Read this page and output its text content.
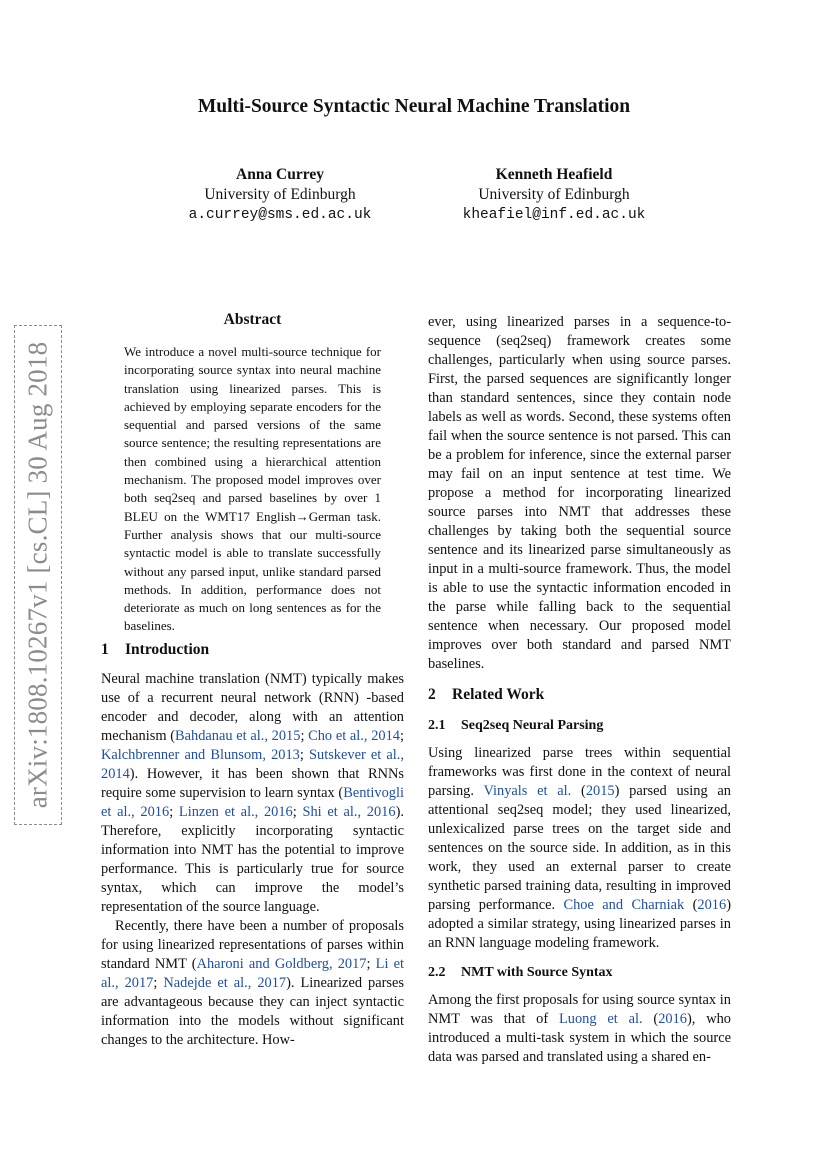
Multi-Source Syntactic Neural Machine Translation
Anna Currey
University of Edinburgh
a.currey@sms.ed.ac.uk
Kenneth Heafield
University of Edinburgh
kheafiel@inf.ed.ac.uk
arXiv:1808.10267v1 [cs.CL] 30 Aug 2018
Abstract
We introduce a novel multi-source technique for incorporating source syntax into neural machine translation using linearized parses. This is achieved by employing separate encoders for the sequential and parsed versions of the same source sentence; the resulting representations are then combined using a hierarchical attention mechanism. The proposed model improves over both seq2seq and parsed baselines by over 1 BLEU on the WMT17 English→German task. Further analysis shows that our multi-source syntactic model is able to translate successfully without any parsed input, unlike standard parsed methods. In addition, performance does not deteriorate as much on long sentences as for the baselines.
1 Introduction

Neural machine translation (NMT) typically makes use of a recurrent neural network (RNN) -based encoder and decoder, along with an attention mechanism (Bahdanau et al., 2015; Cho et al., 2014; Kalchbrenner and Blunsom, 2013; Sutskever et al., 2014). However, it has been shown that RNNs require some supervision to learn syntax (Bentivogli et al., 2016; Linzen et al., 2016; Shi et al., 2016). Therefore, explicitly incorporating syntactic information into NMT has the potential to improve performance. This is particularly true for source syntax, which can improve the model’s representation of the source language.

Recently, there have been a number of proposals for using linearized representations of parses within standard NMT (Aharoni and Goldberg, 2017; Li et al., 2017; Nadejde et al., 2017). Linearized parses are advantageous because they can inject syntactic information into the models without significant changes to the architecture. How-

ever, using linearized parses in a sequence-to-sequence (seq2seq) framework creates some challenges, particularly when using source parses. First, the parsed sequences are significantly longer than standard sentences, since they contain node labels as well as words. Second, these systems often fail when the source sentence is not parsed. This can be a problem for inference, since the external parser may fail on an input sentence at test time. We propose a method for incorporating linearized source parses into NMT that addresses these challenges by taking both the sequential source sentence and its linearized parse simultaneously as input in a multi-source framework. Thus, the model is able to use the syntactic information encoded in the parse while falling back to the sequential sentence when necessary. Our proposed model improves over both standard and parsed NMT baselines.
2 Related Work
2.1 Seq2seq Neural Parsing

Using linearized parse trees within sequential frameworks was first done in the context of neural parsing. Vinyals et al. (2015) parsed using an attentional seq2seq model; they used linearized, unlexicalized parse trees on the target side and sentences on the source side. In addition, as in this work, they used an external parser to create synthetic parsed training data, resulting in improved parsing performance. Choe and Charniak (2016) adopted a similar strategy, using linearized parses in an RNN language modeling framework.

2.2 NMT with Source Syntax

Among the first proposals for using source syntax in NMT was that of Luong et al. (2016), who introduced a multi-task system in which the source data was parsed and translated using a shared en-
